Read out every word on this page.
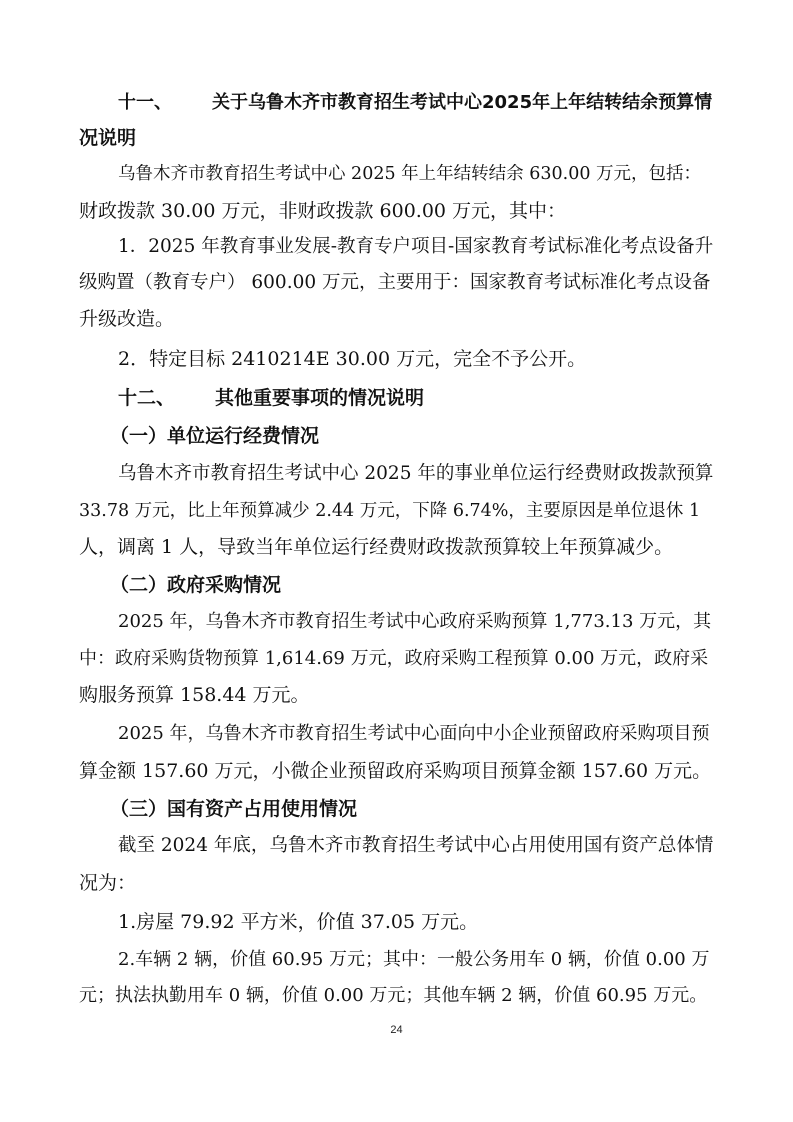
十一、 关于乌鲁木齐市教育招生考试中心2025年上年结转结余预算情
况说明
乌鲁木齐市教育招生考试中心 2025 年上年结转结余 630.00 万元，包括：
财政拨款 30.00 万元，非财政拨款 600.00 万元，其中：
1．2025 年教育事业发展-教育专户项目-国家教育考试标准化考点设备升
级购置（教育专户） 600.00 万元，主要用于：国家教育考试标准化考点设备
升级改造。
2．特定目标 2410214E 30.00 万元，完全不予公开。
十二、 其他重要事项的情况说明
（一）单位运行经费情况
乌鲁木齐市教育招生考试中心 2025 年的事业单位运行经费财政拨款预算
33.78 万元，比上年预算减少 2.44 万元，下降 6.74%，主要原因是单位退休 1
人，调离 1 人，导致当年单位运行经费财政拨款预算较上年预算减少。
（二）政府采购情况
2025 年，乌鲁木齐市教育招生考试中心政府采购预算 1,773.13 万元，其
中：政府采购货物预算 1,614.69 万元，政府采购工程预算 0.00 万元，政府采
购服务预算 158.44 万元。
2025 年，乌鲁木齐市教育招生考试中心面向中小企业预留政府采购项目预
算金额 157.60 万元，小微企业预留政府采购项目预算金额 157.60 万元。
（三）国有资产占用使用情况
截至 2024 年底，乌鲁木齐市教育招生考试中心占用使用国有资产总体情
况为：
1.房屋 79.92 平方米，价值 37.05 万元。
2.车辆 2 辆，价值 60.95 万元；其中：一般公务用车 0 辆，价值 0.00 万
元；执法执勤用车 0 辆，价值 0.00 万元；其他车辆 2 辆，价值 60.95 万元。
24
